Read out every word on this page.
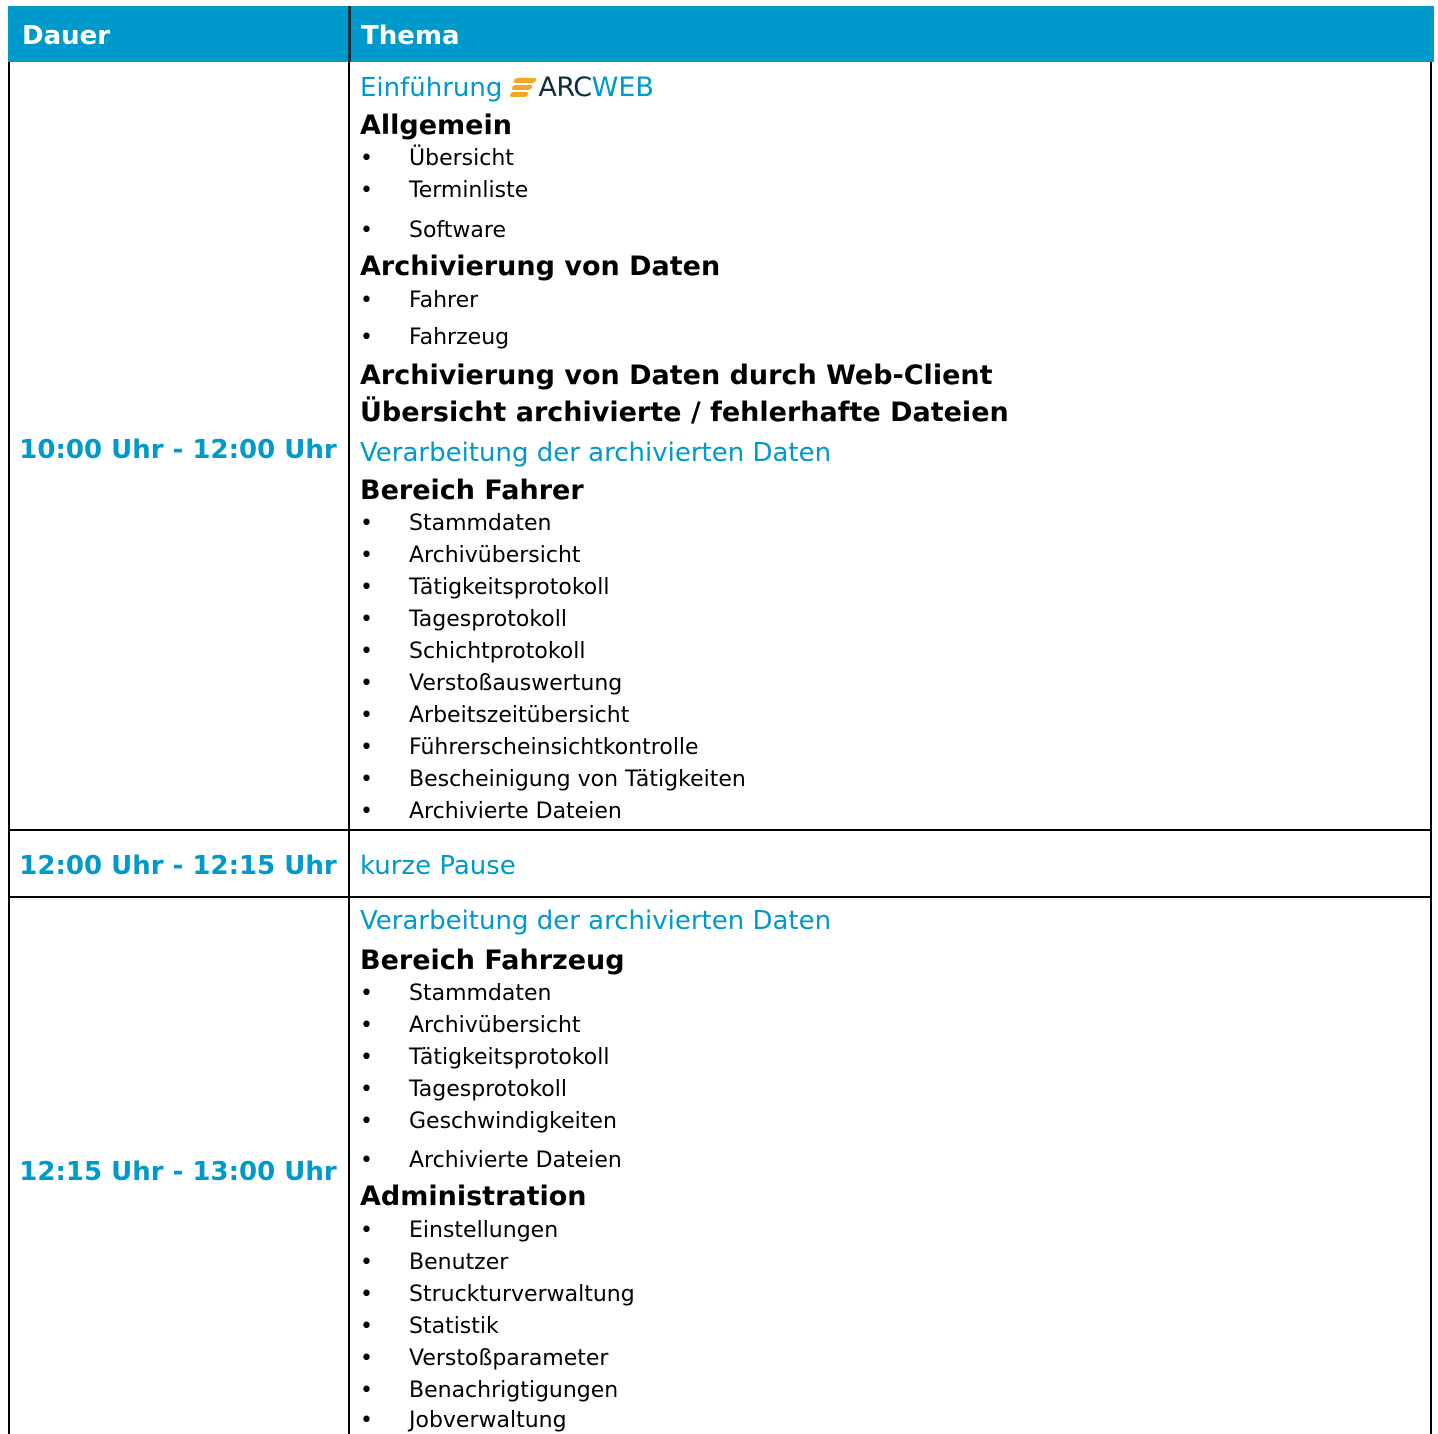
Dauer	Thema
10:00 Uhr - 12:00 Uhr
12:00 Uhr - 12:15 Uhr
12:15 Uhr - 13:00 Uhr
Einführung ARCWEB
Allgemein
• Übersicht
• Terminliste
• Software
Archivierung von Daten
• Fahrer
• Fahrzeug
Archivierung von Daten durch Web-Client
Übersicht archivierte / fehlerhafte Dateien
Verarbeitung der archivierten Daten
Bereich Fahrer
• Stammdaten
• Archivübersicht
• Tätigkeitsprotokoll
• Tagesprotokoll
• Schichtprotokoll
• Verstoßauswertung
• Arbeitszeitübersicht
• Führerscheinsichtkontrolle
• Bescheinigung von Tätigkeiten
• Archivierte Dateien
kurze Pause
Verarbeitung der archivierten Daten
Bereich Fahrzeug
• Stammdaten
• Archivübersicht
• Tätigkeitsprotokoll
• Tagesprotokoll
• Geschwindigkeiten
• Archivierte Dateien
Administration
• Einstellungen
• Benutzer
• Struckturverwaltung
• Statistik
• Verstoßparameter
• Benachrigtigungen
• Jobverwaltung
